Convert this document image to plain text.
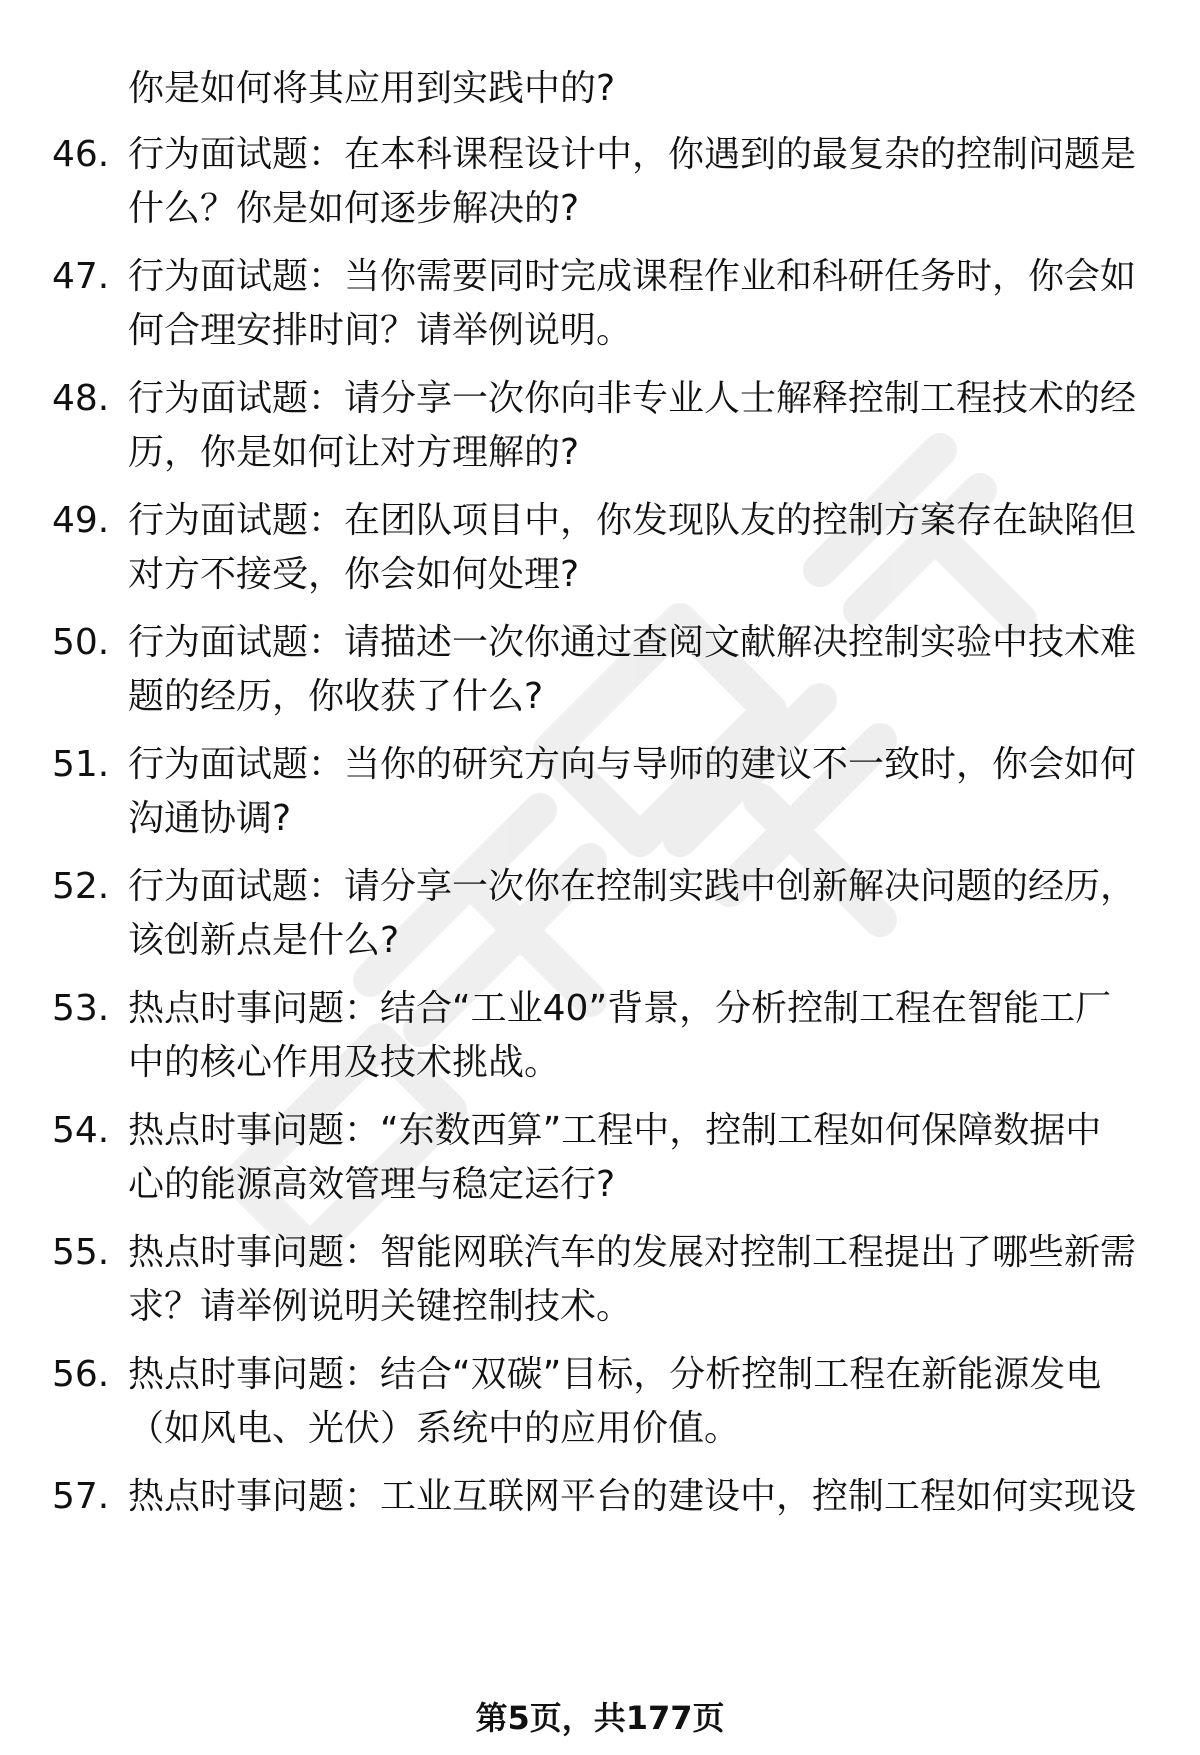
你是如何将其应用到实践中的?
46. 行为面试题：在本科课程设计中，你遇到的最复杂的控制问题是
什么？你是如何逐步解决的?
47. 行为面试题：当你需要同时完成课程作业和科研任务时，你会如
何合理安排时间？请举例说明。
48. 行为面试题：请分享一次你向非专业人士解释控制工程技术的经
历，你是如何让对方理解的?
49. 行为面试题：在团队项目中，你发现队友的控制方案存在缺陷但
对方不接受，你会如何处理?
50. 行为面试题：请描述一次你通过查阅文献解决控制实验中技术难
题的经历，你收获了什么?
51. 行为面试题：当你的研究方向与导师的建议不一致时，你会如何
沟通协调?
52. 行为面试题：请分享一次你在控制实践中创新解决问题的经历，
该创新点是什么?
53. 热点时事问题：结合“工业40”背景，分析控制工程在智能工厂
中的核心作用及技术挑战。
54. 热点时事问题：“东数西算”工程中，控制工程如何保障数据中
心的能源高效管理与稳定运行?
55. 热点时事问题：智能网联汽车的发展对控制工程提出了哪些新需
求？请举例说明关键控制技术。
56. 热点时事问题：结合“双碳”目标，分析控制工程在新能源发电
（如风电、光伏）系统中的应用价值。
57. 热点时事问题：工业互联网平台的建设中，控制工程如何实现设
第5页，共177页
